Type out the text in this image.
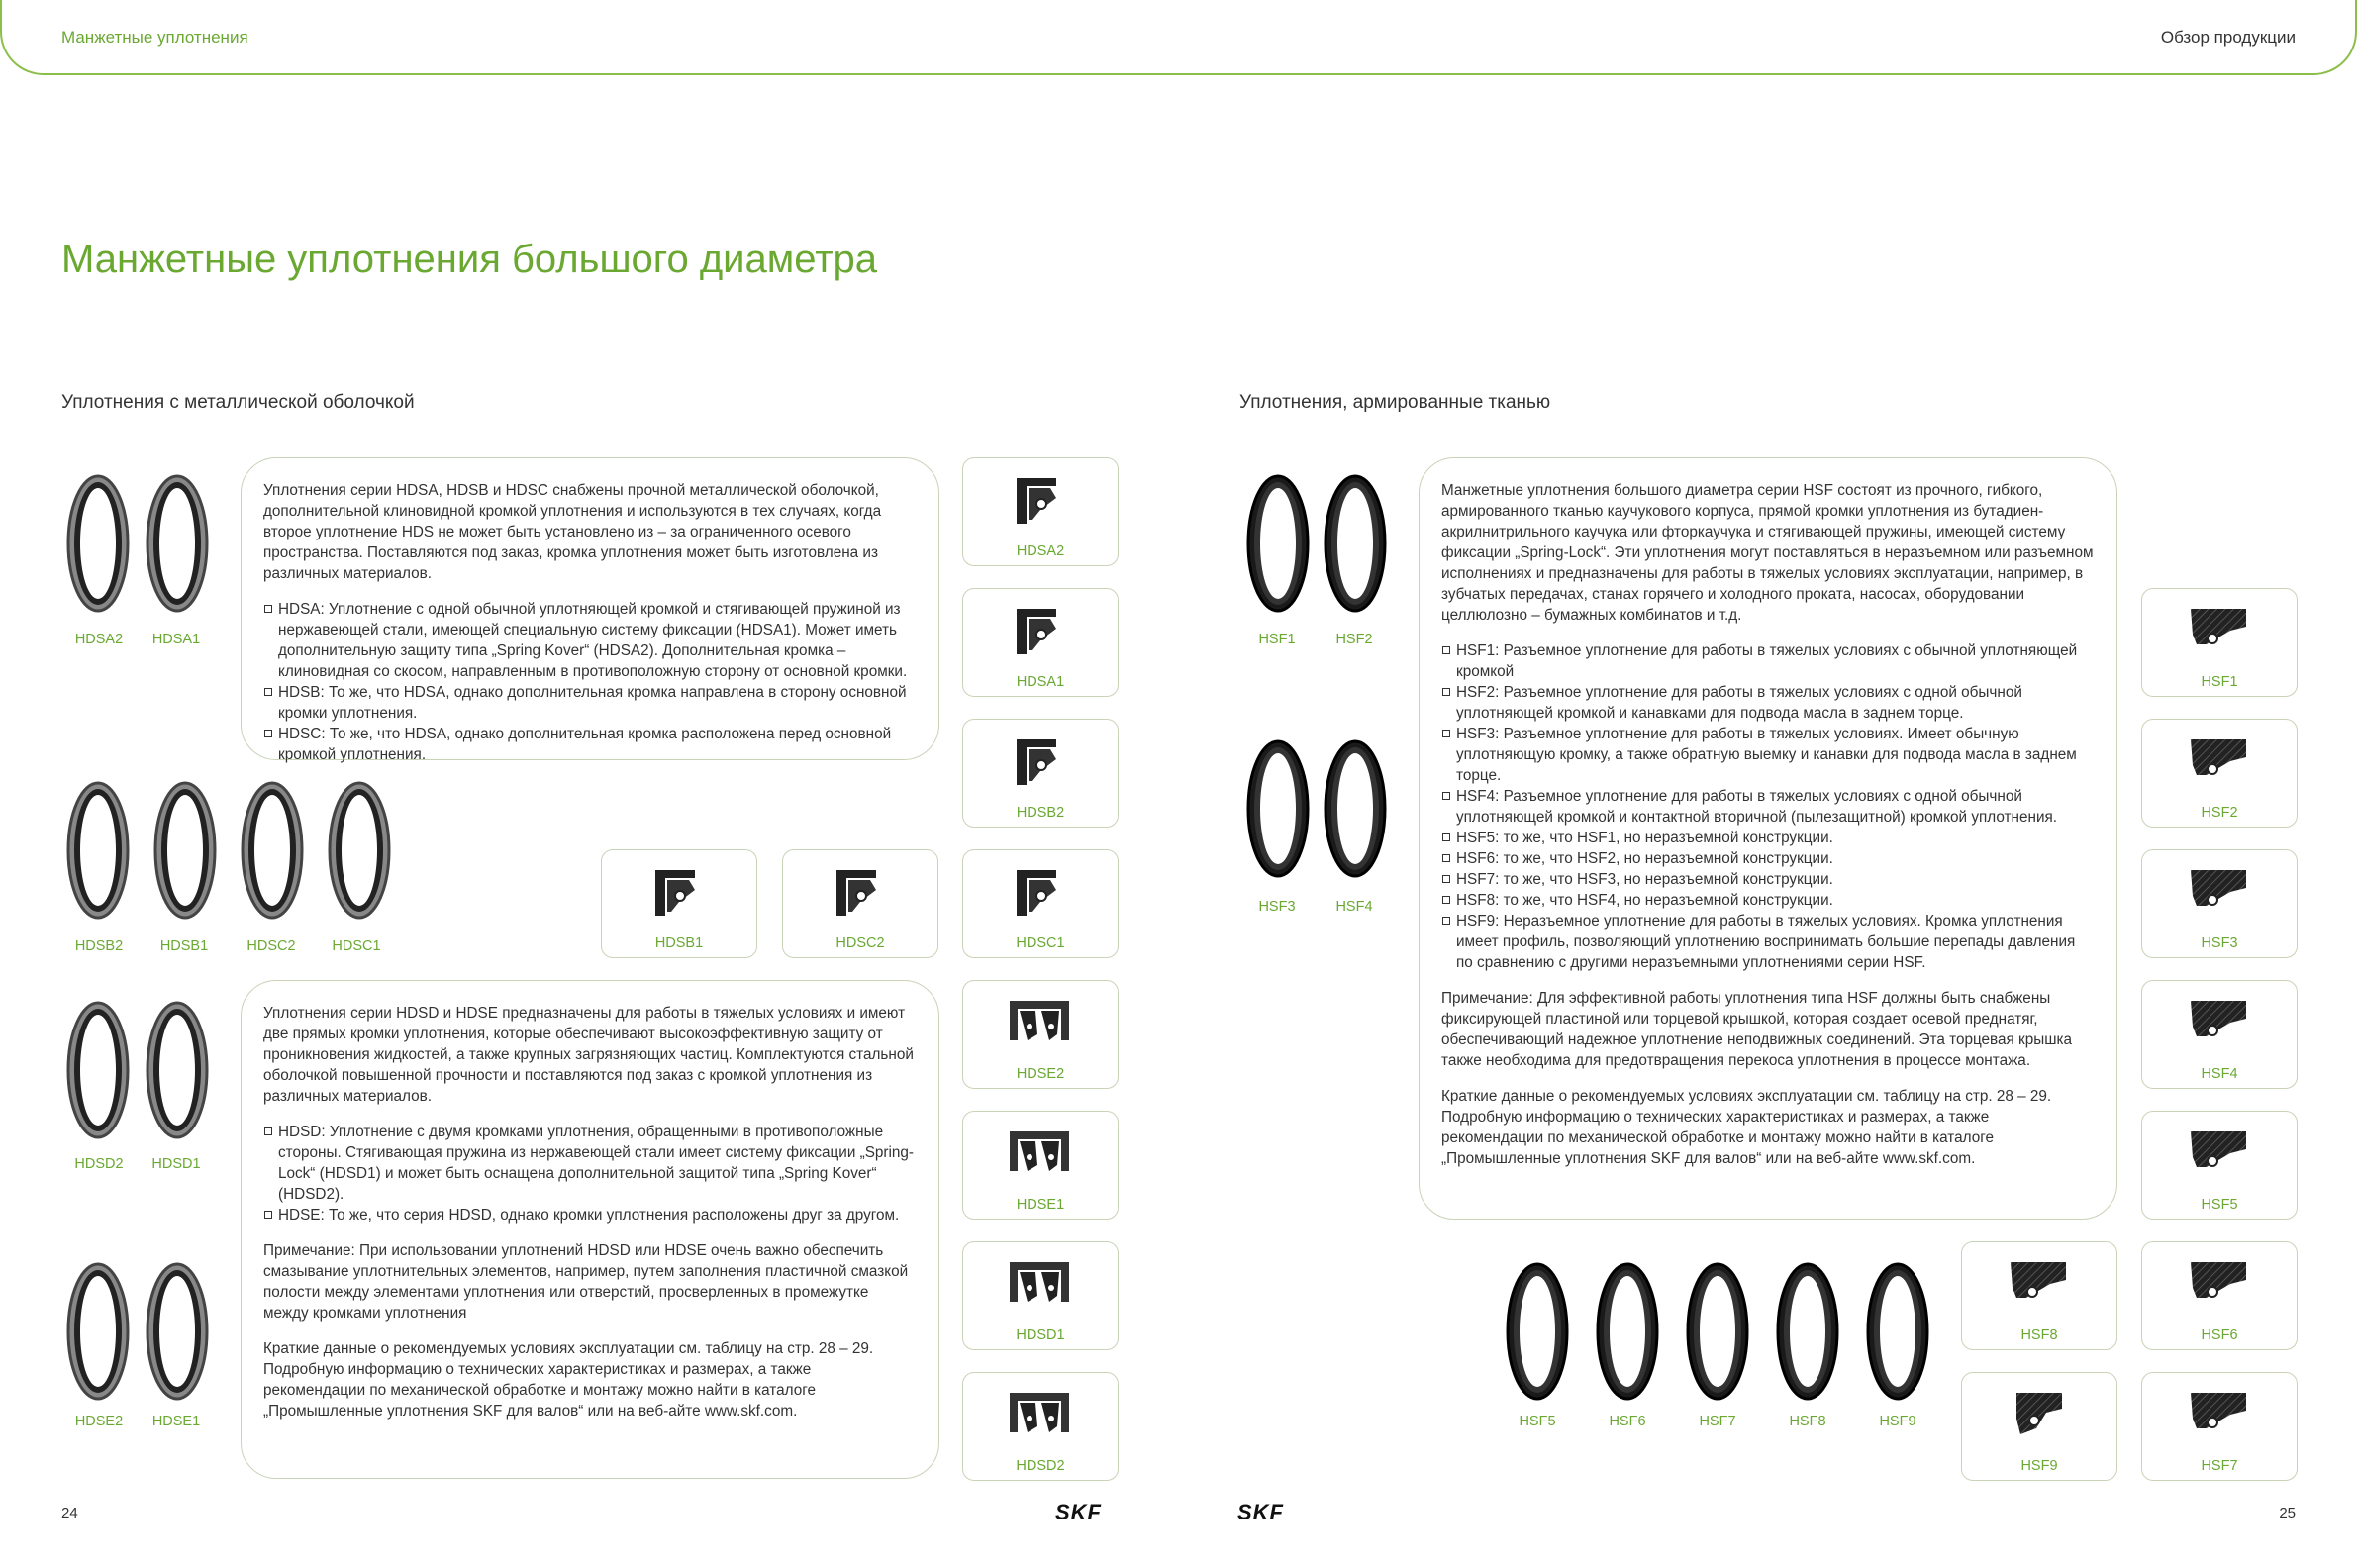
Манжетные уплотнения	Обзор продукции
Манжетные уплотнения большого диаметра
Уплотнения с металлической оболочкой	Уплотнения, армированные тканью

Уплотнения серии HDSA, HDSB и HDSC снабжены прочной металлической оболочкой, дополнительной клиновидной кромкой уплотнения и используются в тех случаях, когда второе уплотнение HDS не может быть установлено из – за ограниченного осевого пространства. Поставляются под заказ, кромка уплотнения может быть изготовлена из различных материалов.

HDSA: Уплотнение с одной обычной уплотняющей кромкой и стягивающей пружиной из нержавеющей стали, имеющей специальную систему фиксации (HDSA1). Может иметь дополнительную защиту типа „Spring Kover“ (HDSA2). Дополнительная кромка – клиновидная со скосом, направленным в противоположную сторону от основной кромки.
HDSB: То же, что HDSA, однако дополнительная кромка направлена в сторону основной кромки уплотнения.
HDSC: То же, что HDSA, однако дополнительная кромка расположена перед основной кромкой уплотнения.

Уплотнения серии HDSD и HDSE предназначены для работы в тяжелых условиях и имеют две прямых кромки уплотнения, которые обеспечивают высокоэффективную защиту от проникновения жидкостей, а также крупных загрязняющих частиц. Комплектуются стальной оболочкой повышенной прочности и поставляются под заказ с кромкой уплотнения из различных материалов.

HDSD: Уплотнение с двумя кромками уплотнения, обращенными в противоположные стороны. Стягивающая пружина из нержавеющей стали имеет систему фиксации „Spring-Lock“ (HDSD1) и может быть оснащена дополнительной защитой типа „Spring Kover“ (HDSD2).
HDSE: То же, что серия HDSD, однако кромки уплотнения расположены друг за другом.

Примечание: При использовании уплотнений HDSD или HDSE очень важно обеспечить смазывание уплотнительных элементов, например, путем заполнения пластичной смазкой полости между элементами уплотнения или отверстий, просверленных в промежутке между кромками уплотнения

Краткие данные о рекомендуемых условиях эксплуатации см. таблицу на стр. 28 – 29. Подробную информацию о технических характеристиках и размерах, а также рекомендации по механической обработке и монтажу можно найти в каталоге „Промышленные уплотнения SKF для валов“ или на веб-айте www.skf.com.

Манжетные уплотнения большого диаметра серии HSF состоят из прочного, гибкого, армированного тканью каучукового корпуса, прямой кромки уплотнения из бутадиен-акрилнитрильного каучука или фторкаучука и стягивающей пружины, имеющей систему фиксации „Spring-Lock“. Эти уплотнения могут поставляться в неразъемном или разъемном исполнениях и предназначены для работы в тяжелых условиях эксплуатации, например, в зубчатых передачах, станах горячего и холодного проката, насосах, оборудовании целлюлозно – бумажных комбинатов и т.д.

HSF1: Разъемное уплотнение для работы в тяжелых условиях с обычной уплотняющей кромкой
HSF2: Разъемное уплотнение для работы в тяжелых условиях с одной обычной уплотняющей кромкой и канавками для подвода масла в заднем торце.
HSF3: Разъемное уплотнение для работы в тяжелых условиях. Имеет обычную уплотняющую кромку, а также обратную выемку и канавки для подвода масла в заднем торце.
HSF4: Разъемное уплотнение для работы в тяжелых условиях с одной обычной уплотняющей кромкой и контактной вторичной (пылезащитной) кромкой уплотнения.
HSF5: то же, что HSF1, но неразъемной конструкции.
HSF6: то же, что HSF2, но неразъемной конструкции.
HSF7: то же, что HSF3, но неразъемной конструкции.
HSF8: то же, что HSF4, но неразъемной конструкции.
HSF9: Неразъемное уплотнение для работы в тяжелых условиях. Кромка уплотнения имеет профиль, позволяющий уплотнению воспринимать большие перепады давления по сравнению с другими неразъемными уплотнениями серии HSF.

Примечание: Для эффективной работы уплотнения типа HSF должны быть снабжены фиксирующей пластиной или торцевой крышкой, которая создает осевой преднатяг, обеспечивающий надежное уплотнение неподвижных соединений. Эта торцевая крышка также необходима для предотвращения перекоса уплотнения в процессе монтажа.

Краткие данные о рекомендуемых условиях эксплуатации см. таблицу на стр. 28 – 29. Подробную информацию о технических характеристиках и размерах, а также рекомендации по механической обработке и монтажу можно найти в каталоге „Промышленные уплотнения SKF для валов“ или на веб-айте www.skf.com.

HDSA2	HDSA1
HDSB2	HDSB1	HDSC2	HDSC1
HDSD2	HDSD1
HDSE2	HDSE1
HSF1	HSF2
HSF3	HSF4
HSF5	HSF6	HSF7	HSF8	HSF9
HDSA2
HDSA1
HDSB2
HDSB1	HDSC2	HDSC1
HDSE2
HDSE1
HDSD1
HDSD2
HSF1
HSF2
HSF3
HSF4
HSF5
HSF8	HSF6
HSF9	HSF7
24	25
SKF	SKF
